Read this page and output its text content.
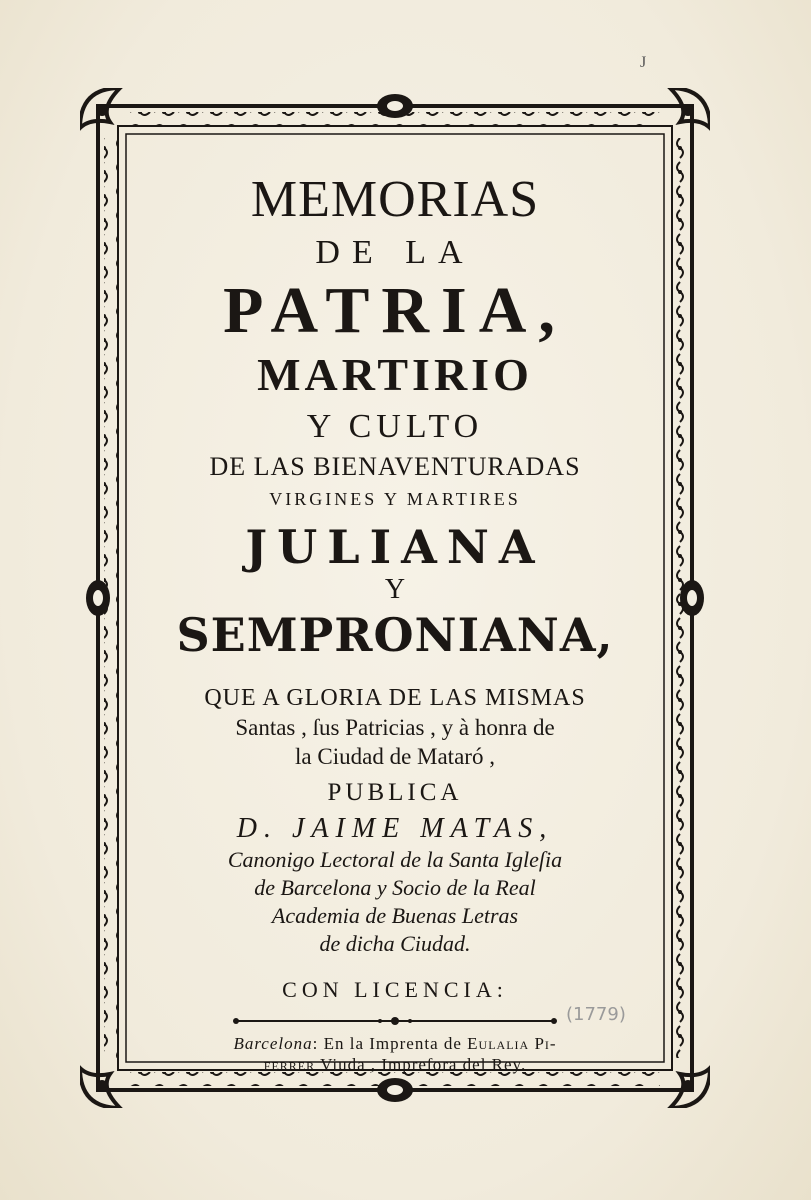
J
MEMORIAS
DE LA
PATRIA,
MARTIRIO
Y CULTO
DE LAS BIENAVENTURADAS
VIRGINES Y MARTIRES
JULIANA
Y
SEMPRONIANA,
QUE A GLORIA DE LAS MISMAS
Santas , ſus Patricias , y à honra de
la Ciudad de Mataró ,
PUBLICA
D. JAIME MATAS,
Canonigo Lectoral de la Santa Igleſia
de Barcelona y Socio de la Real
Academia de Buenas Letras
de dicha Ciudad.
CON LICENCIA:
Barcelona: En la Imprenta de Eulalia Pi-
ferrer Viuda , Impreſora del Rey.
(1779)
